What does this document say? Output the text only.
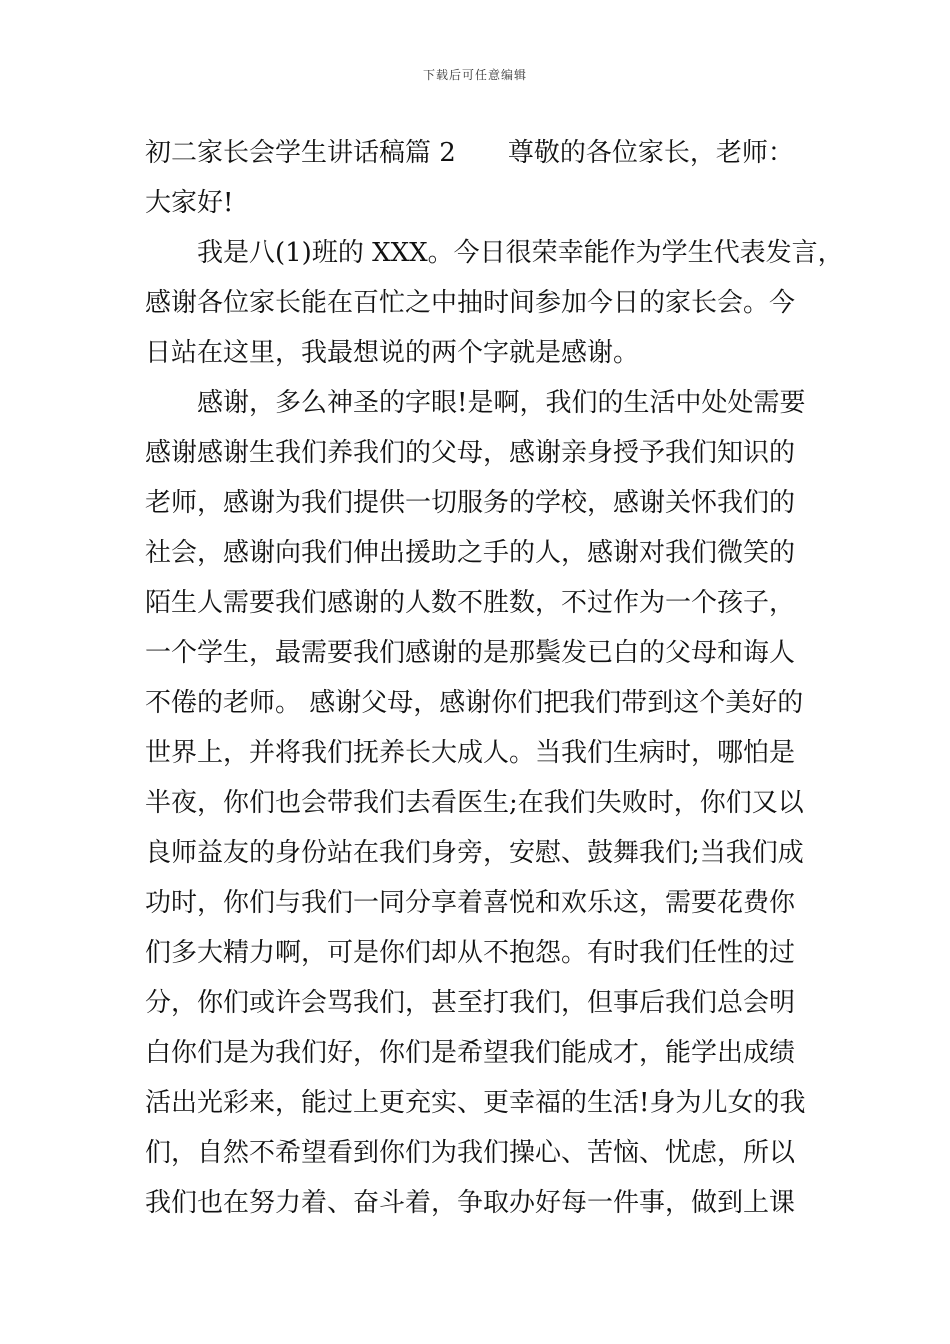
下载后可任意编辑
初二家长会学生讲话稿篇 2 尊敬的各位家长，老师：
大家好!
我是八(1)班的 XXX。今日很荣幸能作为学生代表发言，
感谢各位家长能在百忙之中抽时间参加今日的家长会。今
日站在这里，我最想说的两个字就是感谢。
感谢，多么神圣的字眼!是啊，我们的生活中处处需要
感谢感谢生我们养我们的父母，感谢亲身授予我们知识的
老师，感谢为我们提供一切服务的学校，感谢关怀我们的
社会，感谢向我们伸出援助之手的人，感谢对我们微笑的
陌生人需要我们感谢的人数不胜数，不过作为一个孩子，
一个学生，最需要我们感谢的是那鬓发已白的父母和诲人
不倦的老师。 感谢父母，感谢你们把我们带到这个美好的
世界上，并将我们抚养长大成人。当我们生病时，哪怕是
半夜，你们也会带我们去看医生;在我们失败时，你们又以
良师益友的身份站在我们身旁，安慰、鼓舞我们;当我们成
功时，你们与我们一同分享着喜悦和欢乐这，需要花费你
们多大精力啊，可是你们却从不抱怨。有时我们任性的过
分，你们或许会骂我们，甚至打我们，但事后我们总会明
白你们是为我们好，你们是希望我们能成才，能学出成绩
活出光彩来，能过上更充实、更幸福的生活!身为儿女的我
们，自然不希望看到你们为我们操心、苦恼、忧虑，所以
我们也在努力着、奋斗着，争取办好每一件事，做到上课
